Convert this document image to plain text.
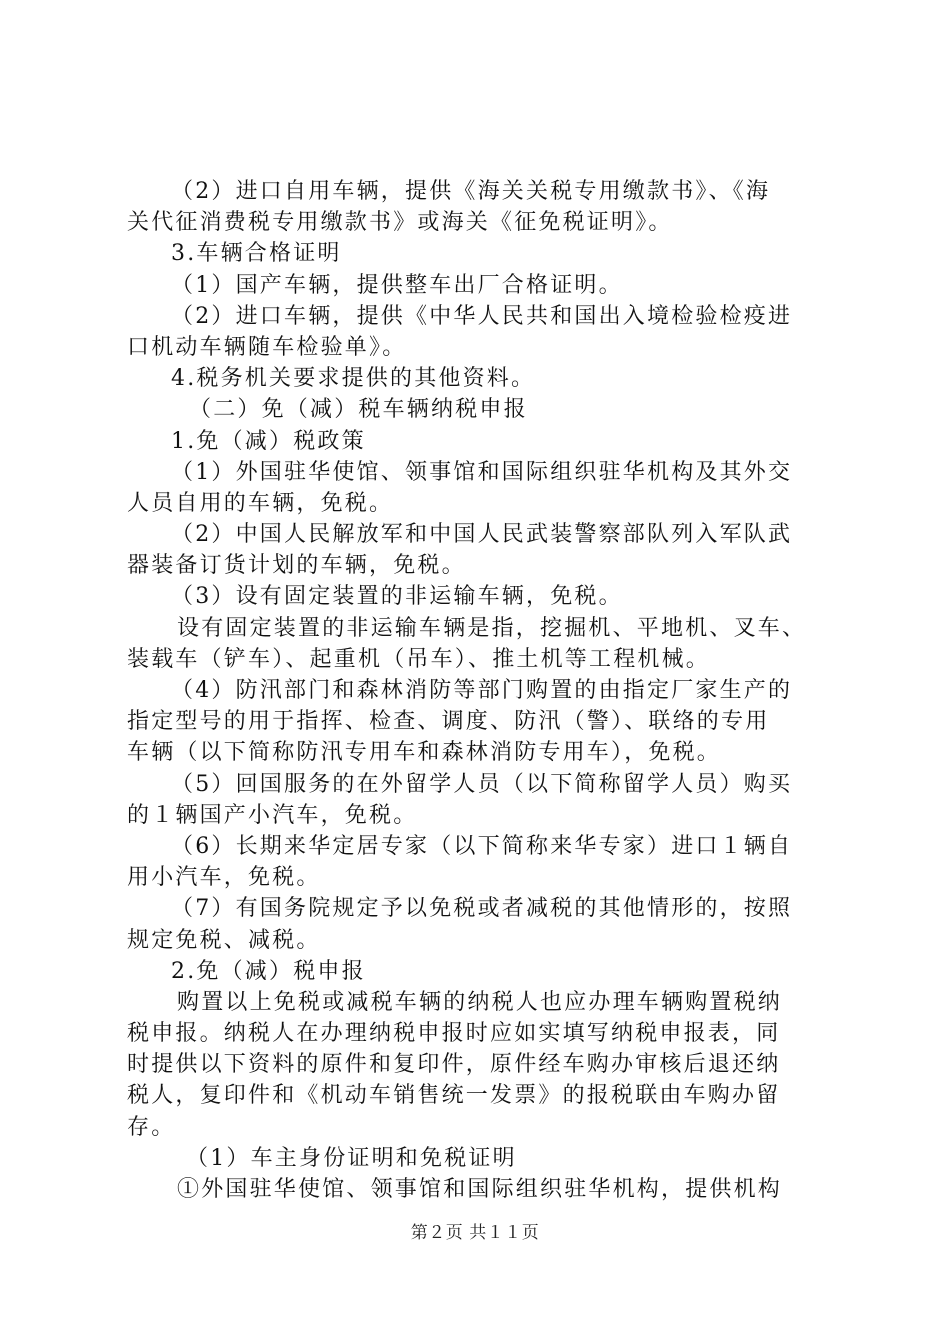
（2）进口自用车辆，提供《海关关税专用缴款书》、《海
关代征消费税专用缴款书》或海关《征免税证明》。
3.车辆合格证明
（1）国产车辆，提供整车出厂合格证明。
（2）进口车辆，提供《中华人民共和国出入境检验检疫进
口机动车辆随车检验单》。
4.税务机关要求提供的其他资料。
（二）免（减）税车辆纳税申报
1.免（减）税政策
（1）外国驻华使馆、领事馆和国际组织驻华机构及其外交
人员自用的车辆，免税。
（2）中国人民解放军和中国人民武装警察部队列入军队武
器装备订货计划的车辆，免税。
（3）设有固定装置的非运输车辆，免税。
设有固定装置的非运输车辆是指，挖掘机、平地机、叉车、
装载车（铲车）、起重机（吊车）、推土机等工程机械。
（4）防汛部门和森林消防等部门购置的由指定厂家生产的
指定型号的用于指挥、检查、调度、防汛（警）、联络的专用
车辆（以下简称防汛专用车和森林消防专用车），免税。
（5）回国服务的在外留学人员（以下简称留学人员）购买
的１辆国产小汽车，免税。
（6）长期来华定居专家（以下简称来华专家）进口１辆自
用小汽车，免税。
（7）有国务院规定予以免税或者减税的其他情形的，按照
规定免税、减税。
2.免（减）税申报
购置以上免税或减税车辆的纳税人也应办理车辆购置税纳
税申报。纳税人在办理纳税申报时应如实填写纳税申报表，同
时提供以下资料的原件和复印件，原件经车购办审核后退还纳
税人，复印件和《机动车销售统一发票》的报税联由车购办留
存。
（1）车主身份证明和免税证明
①外国驻华使馆、领事馆和国际组织驻华机构，提供机构
第２页 共１１页
